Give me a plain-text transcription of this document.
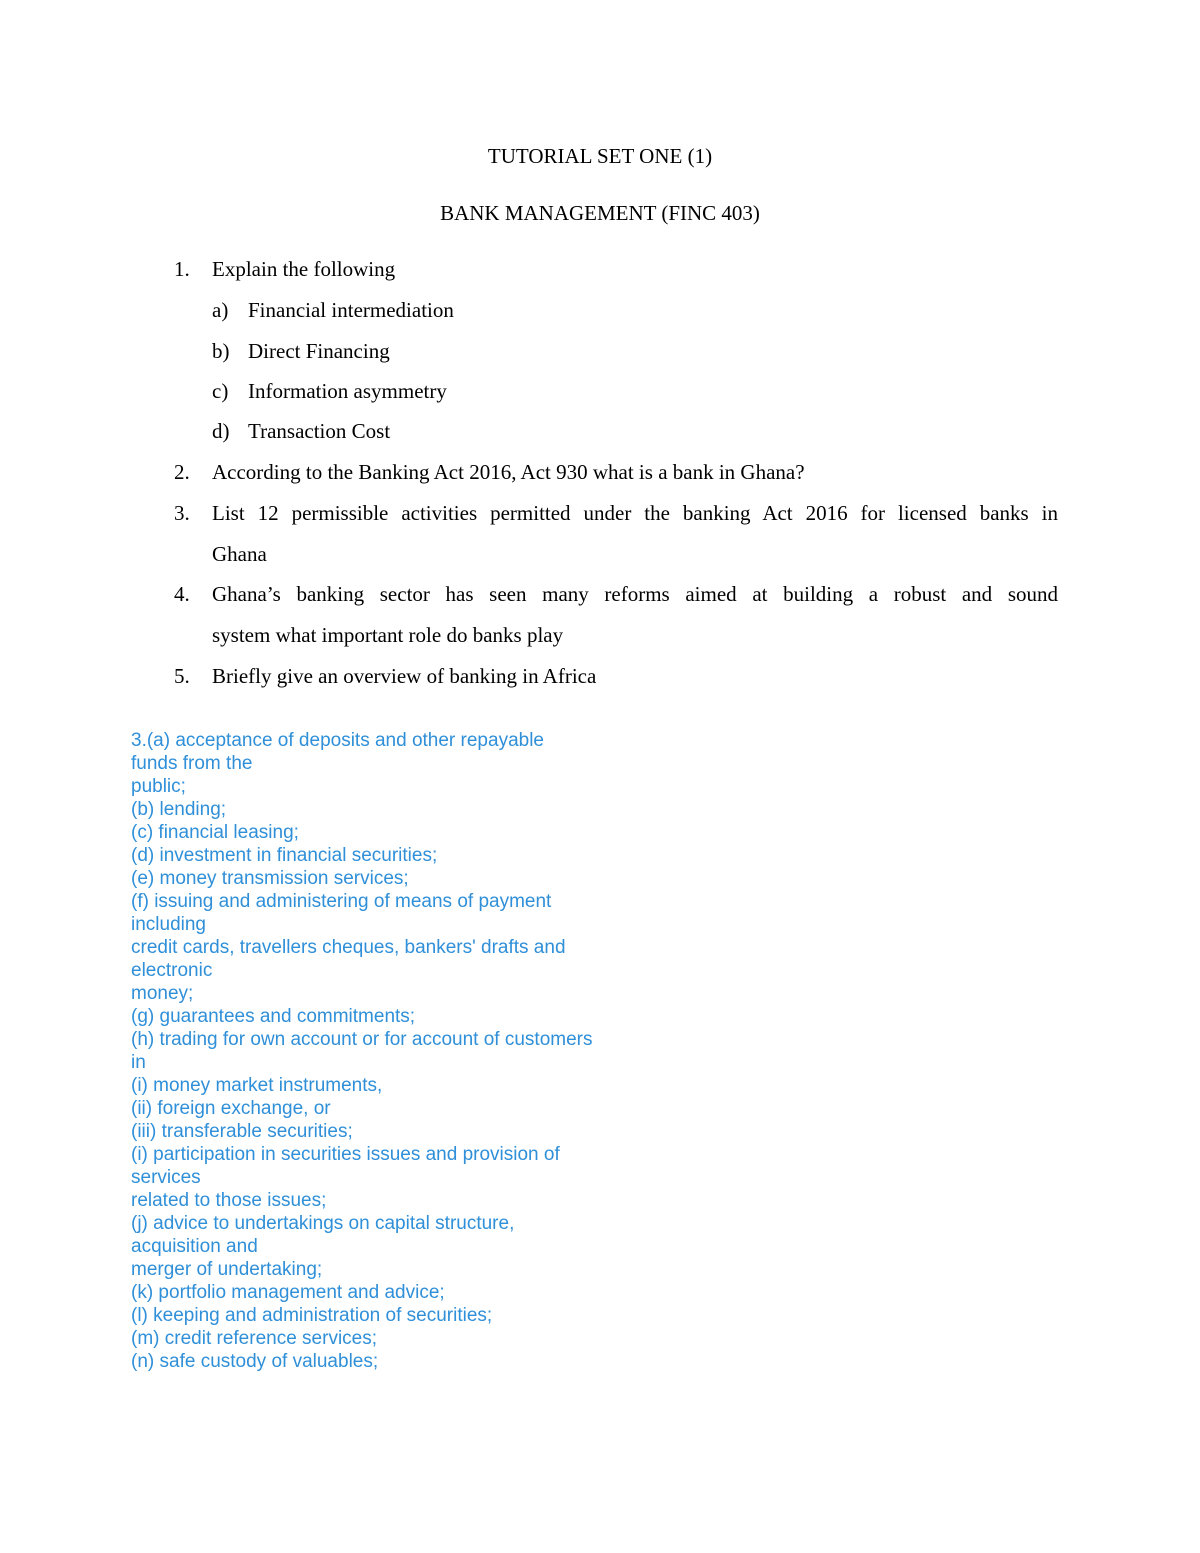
TUTORIAL SET ONE (1)
BANK MANAGEMENT (FINC 403)
1.	Explain the following
a) Financial intermediation
b) Direct Financing
c) Information asymmetry
d) Transaction Cost
2.	According to the Banking Act 2016, Act 930 what is a bank in Ghana?
3.	List 12 permissible activities permitted under the banking Act 2016 for licensed banks in
Ghana
4.	Ghana’s banking sector has seen many reforms aimed at building a robust and sound
system what important role do banks play
5.	Briefly give an overview of banking in Africa
3.(a) acceptance of deposits and other repayable
funds from the
public;
(b) lending;
(c) financial leasing;
(d) investment in financial securities;
(e) money transmission services;
(f) issuing and administering of means of payment
including
credit cards, travellers cheques, bankers' drafts and
electronic
money;
(g) guarantees and commitments;
(h) trading for own account or for account of customers
in
(i) money market instruments,
(ii) foreign exchange, or
(iii) transferable securities;
(i) participation in securities issues and provision of
services
related to those issues;
(j) advice to undertakings on capital structure,
acquisition and
merger of undertaking;
(k) portfolio management and advice;
(l) keeping and administration of securities;
(m) credit reference services;
(n) safe custody of valuables;
